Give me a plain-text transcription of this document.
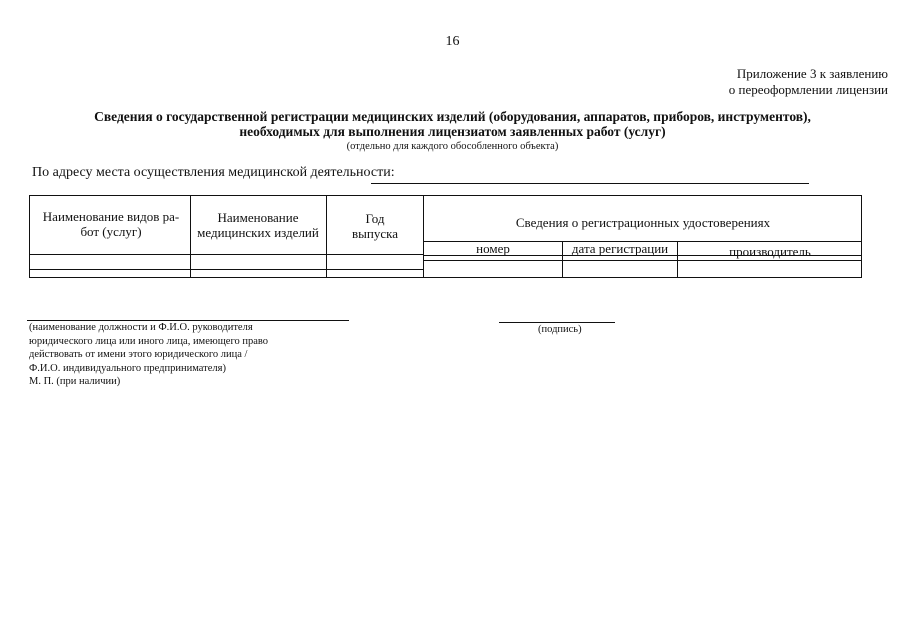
16
Приложение 3 к заявлению
о переоформлении лицензии
Сведения о государственной регистрации медицинских изделий (оборудования, аппаратов, приборов, инструментов),
необходимых для выполнения лицензиатом заявленных работ (услуг)
(отдельно для каждого обособленного объекта)
По адресу места осуществления медицинской деятельности:
Наименование видов ра-
бот (услуг)
Наименование
медицинских изделий
Год
выпуска
Сведения о регистрационных удостоверениях
номер	дата регистрации	производитель
(наименование должности и Ф.И.О. руководителя
юридического лица или иного лица, имеющего право
действовать от имени этого юридического лица /
Ф.И.О. индивидуального предпринимателя)
М. П. (при наличии)
(подпись)
